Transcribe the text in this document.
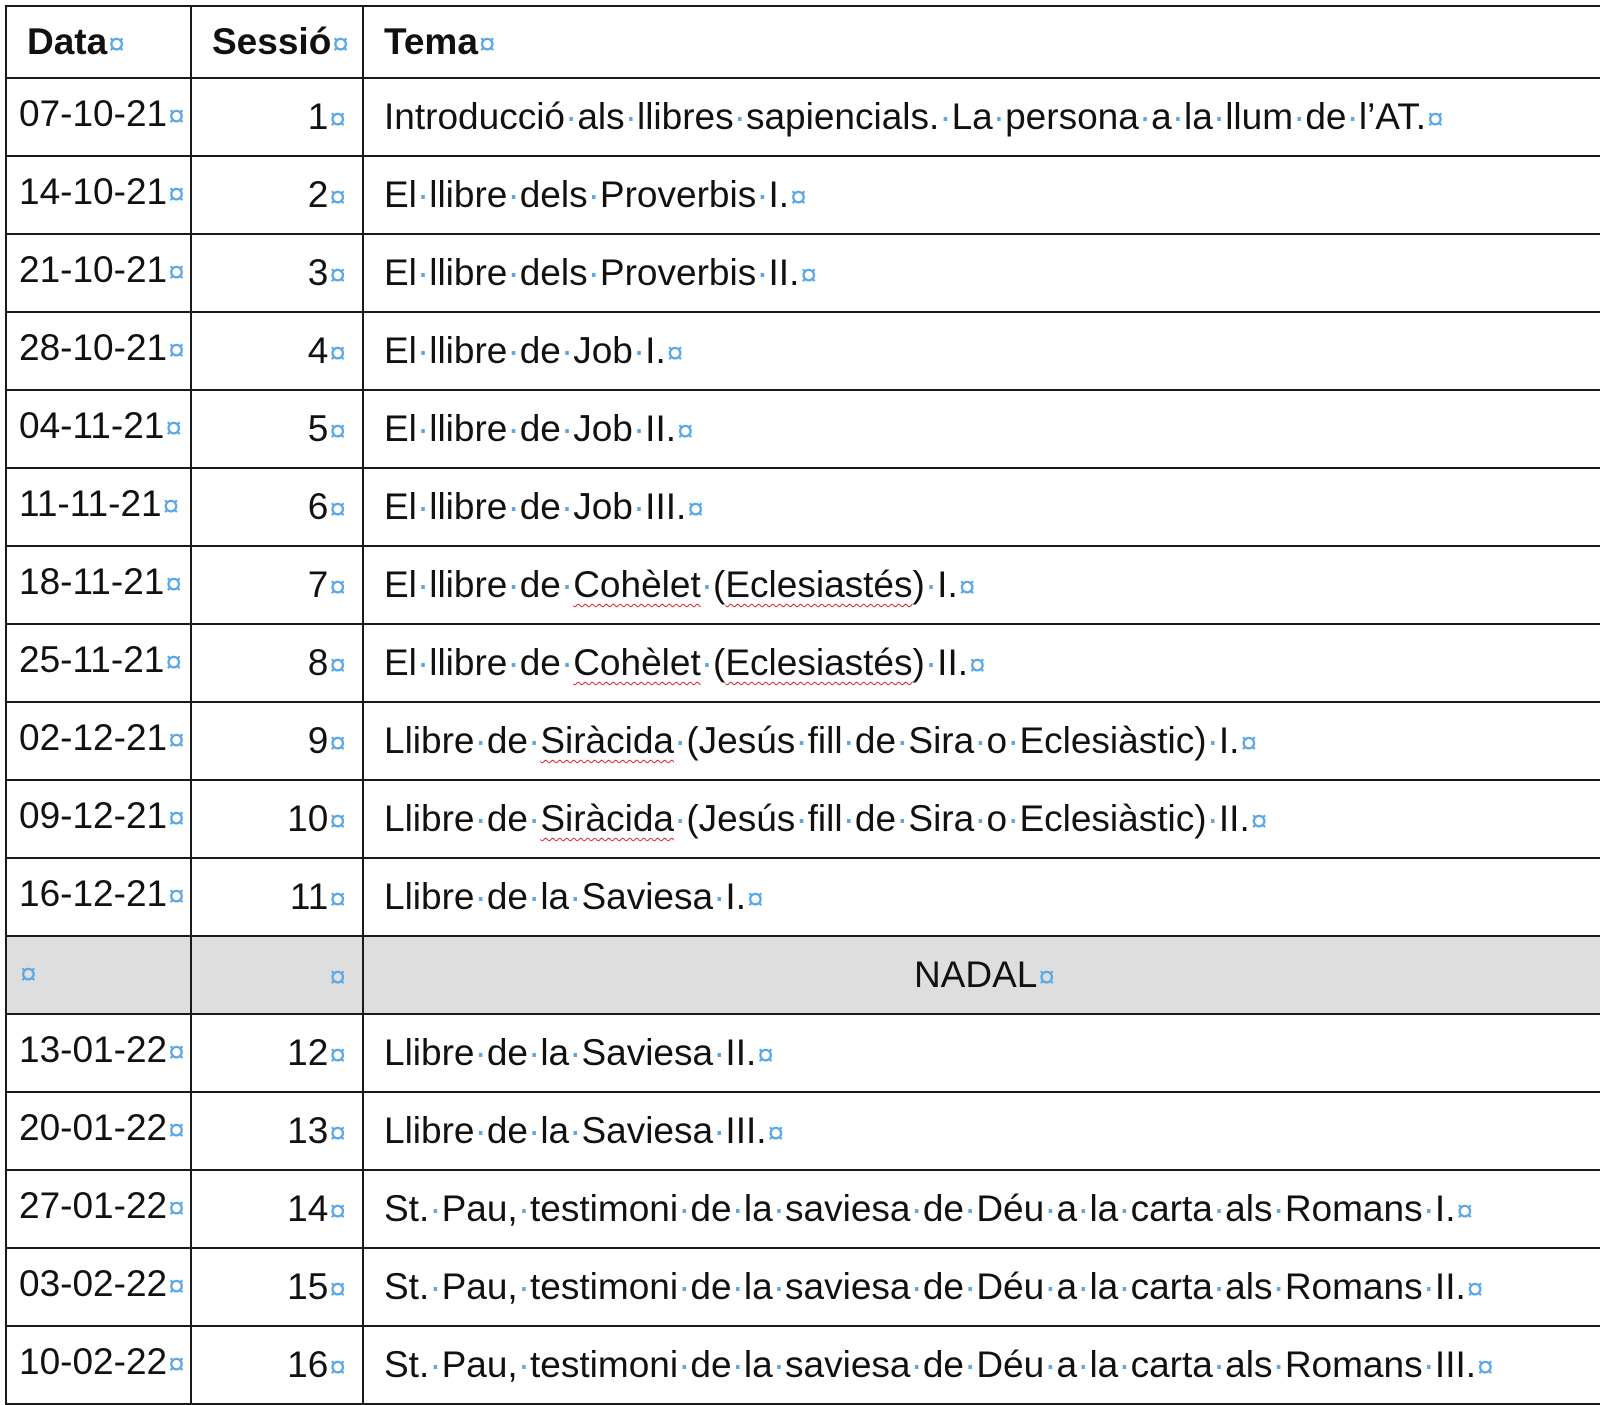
Data¤	Sessió¤	Tema¤
07-10-21¤	1¤	Introducció·als·llibres·sapiencials.·La·persona·a·la·llum·de·l’AT.¤
14-10-21¤	2¤	El·llibre·dels·Proverbis·I.¤
21-10-21¤	3¤	El·llibre·dels·Proverbis·II.¤
28-10-21¤	4¤	El·llibre·de·Job·I.¤
04-11-21¤	5¤	El·llibre·de·Job·II.¤
11-11-21¤	6¤	El·llibre·de·Job·III.¤
18-11-21¤	7¤	El·llibre·de·Cohèlet·(Eclesiastés)·I.¤
25-11-21¤	8¤	El·llibre·de·Cohèlet·(Eclesiastés)·II.¤
02-12-21¤	9¤	Llibre·de·Siràcida·(Jesús·fill·de·Sira·o·Eclesiàstic)·I.¤
09-12-21¤	10¤	Llibre·de·Siràcida·(Jesús·fill·de·Sira·o·Eclesiàstic)·II.¤
16-12-21¤	11¤	Llibre·de·la·Saviesa·I.¤
¤	¤	NADAL¤
13-01-22¤	12¤	Llibre·de·la·Saviesa·II.¤
20-01-22¤	13¤	Llibre·de·la·Saviesa·III.¤
27-01-22¤	14¤	St.·Pau,·testimoni·de·la·saviesa·de·Déu·a·la·carta·als·Romans·I.¤
03-02-22¤	15¤	St.·Pau,·testimoni·de·la·saviesa·de·Déu·a·la·carta·als·Romans·II.¤
10-02-22¤	16¤	St.·Pau,·testimoni·de·la·saviesa·de·Déu·a·la·carta·als·Romans·III.¤
